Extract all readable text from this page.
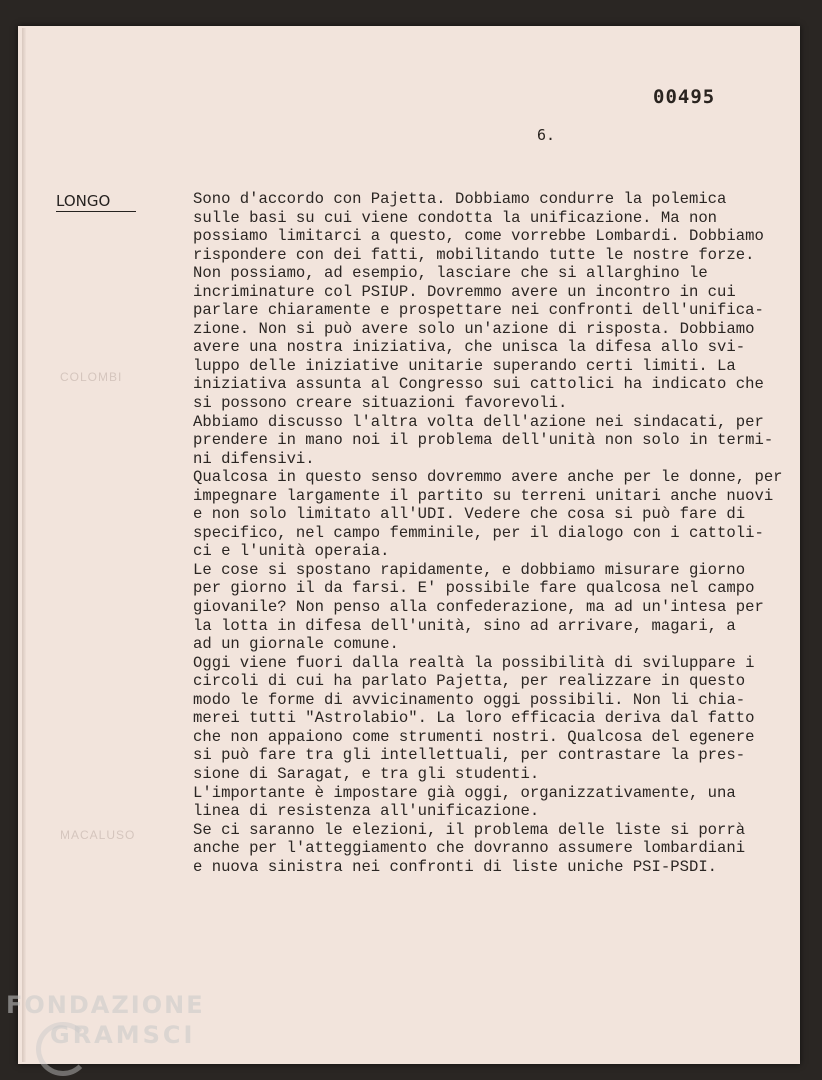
COLOMBI
MACALUSO
00495
6.
LONGO	Sono d'accordo con Pajetta. Dobbiamo condurre la polemica
sulle basi su cui viene condotta la unificazione. Ma non
possiamo limitarci a questo, come vorrebbe Lombardi. Dobbiamo
rispondere con dei fatti, mobilitando tutte le nostre forze.
Non possiamo, ad esempio, lasciare che si allarghino le
incriminature col PSIUP. Dovremmo avere un incontro in cui
parlare chiaramente e prospettare nei confronti dell'unifica-
zione. Non si può avere solo un'azione di risposta. Dobbiamo
avere una nostra iniziativa, che unisca la difesa allo svi-
luppo delle iniziative unitarie superando certi limiti. La
iniziativa assunta al Congresso sui cattolici ha indicato che
si possono creare situazioni favorevoli.
Abbiamo discusso l'altra volta dell'azione nei sindacati, per
prendere in mano noi il problema dell'unità non solo in termi-
ni difensivi.
Qualcosa in questo senso dovremmo avere anche per le donne, per
impegnare largamente il partito su terreni unitari anche nuovi
e non solo limitato all'UDI. Vedere che cosa si può fare di
specifico, nel campo femminile, per il dialogo con i cattoli-
ci e l'unità operaia.
Le cose si spostano rapidamente, e dobbiamo misurare giorno
per giorno il da farsi. E' possibile fare qualcosa nel campo
giovanile? Non penso alla confederazione, ma ad un'intesa per
la lotta in difesa dell'unità, sino ad arrivare, magari, a
ad un giornale comune.
Oggi viene fuori dalla realtà la possibilità di sviluppare i
circoli di cui ha parlato Pajetta, per realizzare in questo
modo le forme di avvicinamento oggi possibili. Non li chia-
merei tutti "Astrolabio". La loro efficacia deriva dal fatto
che non appaiono come strumenti nostri. Qualcosa del egenere
si può fare tra gli intellettuali, per contrastare la pres-
sione di Saragat, e tra gli studenti.
L'importante è impostare già oggi, organizzativamente, una
linea di resistenza all'unificazione.
Se ci saranno le elezioni, il problema delle liste si porrà
anche per l'atteggiamento che dovranno assumere lombardiani
e nuova sinistra nei confronti di liste uniche PSI-PSDI.
FONDAZIONE
GRAMSCI
